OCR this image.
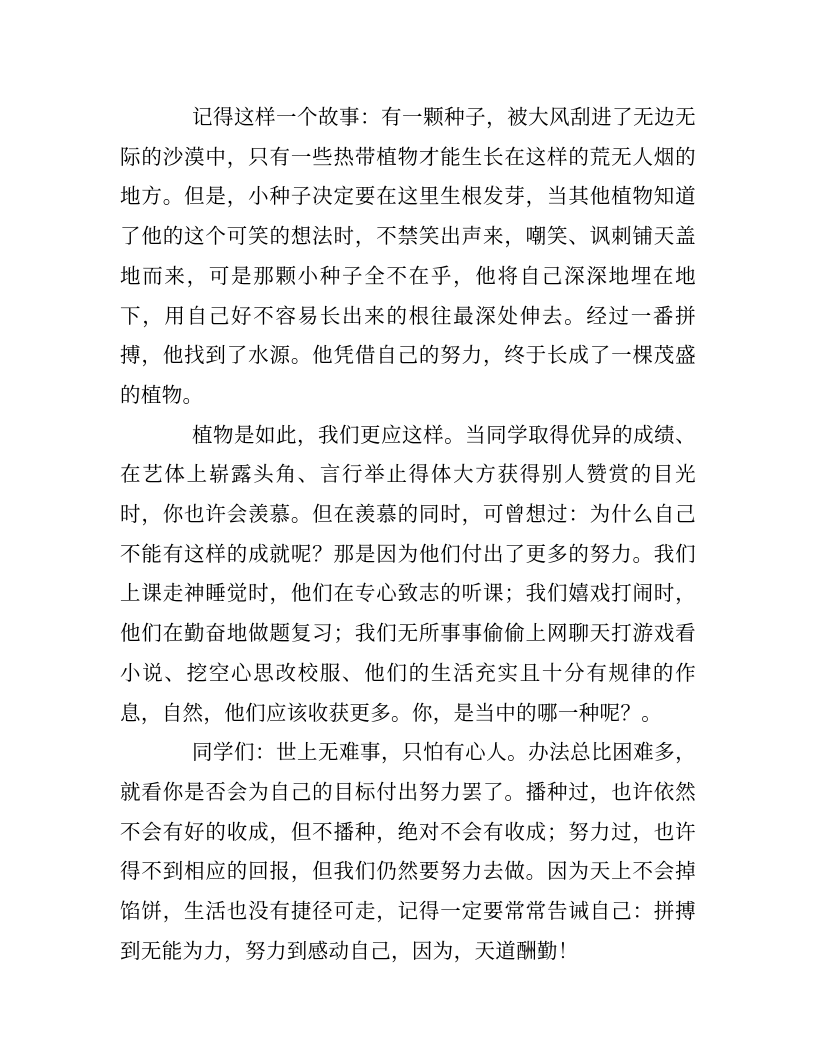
记得这样一个故事：有一颗种子，被大风刮进了无边无际的沙漠中，只有一些热带植物才能生长在这样的荒无人烟的地方。但是，小种子决定要在这里生根发芽，当其他植物知道了他的这个可笑的想法时，不禁笑出声来，嘲笑、讽刺铺天盖地而来，可是那颗小种子全不在乎，他将自己深深地埋在地下，用自己好不容易长出来的根往最深处伸去。经过一番拼搏，他找到了水源。他凭借自己的努力，终于长成了一棵茂盛的植物。

植物是如此，我们更应这样。当同学取得优异的成绩、在艺体上崭露头角、言行举止得体大方获得别人赞赏的目光时，你也许会羡慕。但在羡慕的同时，可曾想过：为什么自己不能有这样的成就呢？那是因为他们付出了更多的努力。我们上课走神睡觉时，他们在专心致志的听课；我们嬉戏打闹时，他们在勤奋地做题复习；我们无所事事偷偷上网聊天打游戏看小说、挖空心思改校服、他们的生活充实且十分有规律的作息，自然，他们应该收获更多。你，是当中的哪一种呢？。

同学们：世上无难事，只怕有心人。办法总比困难多，就看你是否会为自己的目标付出努力罢了。播种过，也许依然不会有好的收成，但不播种，绝对不会有收成；努力过，也许得不到相应的回报，但我们仍然要努力去做。因为天上不会掉馅饼，生活也没有捷径可走，记得一定要常常告诫自己：拼搏到无能为力，努力到感动自己，因为，天道酬勤！
